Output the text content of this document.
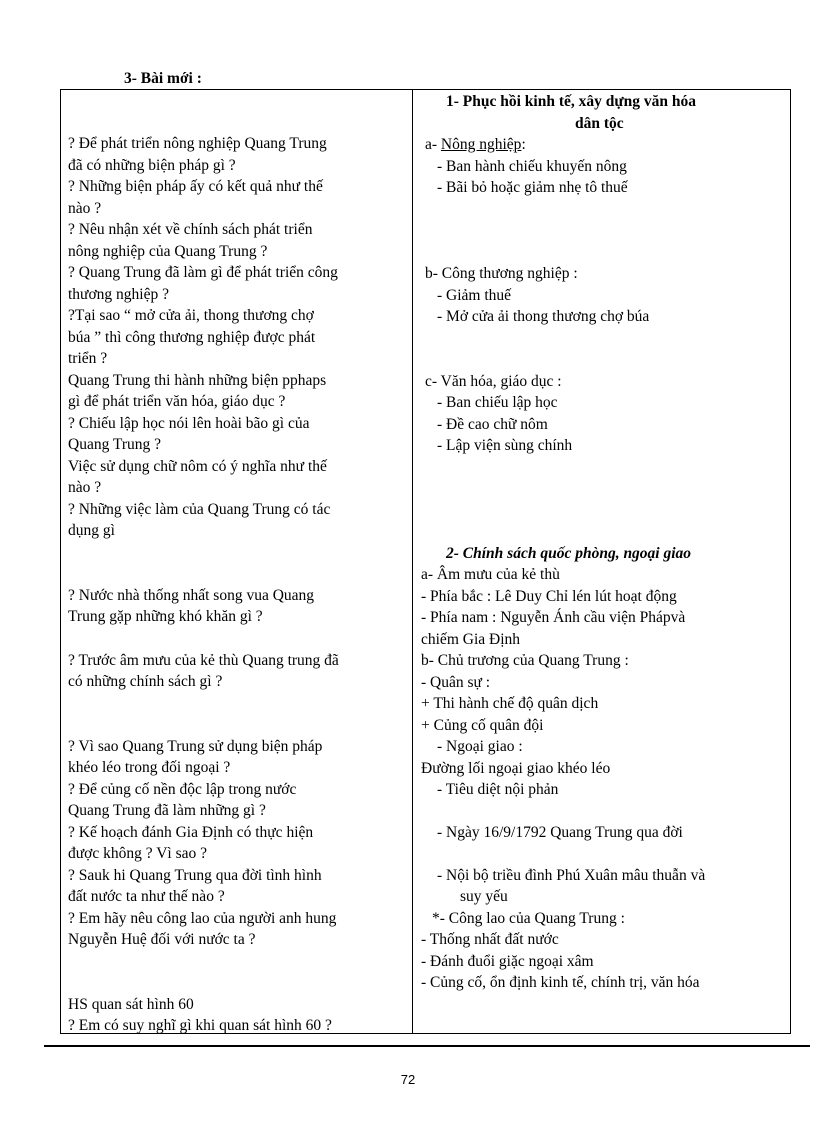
3- Bài mới :
? Để phát triển nông nghiệp Quang Trung
đã có những biện pháp gì ?
? Những biện pháp ấy có kết quả như thế
nào ?
? Nêu nhận xét về chính sách phát triển
nông nghiệp của Quang Trung ?
? Quang Trung đã làm gì để phát triển công
thương nghiệp ?
?Tại sao “ mở cửa ải, thong thương chợ
búa ” thì công thương nghiệp được phát
triển ?
Quang Trung thi hành những biện pphaps
gì để phát triển văn hóa, giáo dục ?
? Chiếu lập học nói lên hoài bão gì của
Quang Trung ?
Việc sử dụng chữ nôm có ý nghĩa như thế
nào ?
? Những việc làm của Quang Trung có tác
dụng gì
? Nước nhà thống nhất song vua Quang
Trung gặp những khó khăn gì ?
? Trước âm mưu của kẻ thù Quang trung đã
có những chính sách gì ?
? Vì sao Quang Trung sử dụng biện pháp
khéo léo trong đối ngoại ?
? Để củng cố nền độc lập trong nước
Quang Trung đã làm những gì ?
? Kế hoạch đánh Gia Định có thực hiện
được không ? Vì sao ?
? Sauk hi Quang Trung qua đời tình hình
đất nước ta như thế nào ?
? Em hãy nêu công lao của người anh hung
Nguyễn Huệ đối với nước ta ?
HS quan sát hình 60
? Em có suy nghĩ gì khi quan sát hình 60 ?
1- Phục hồi kinh tế, xây dựng văn hóa
dân tộc
a- Nông nghiệp:
- Ban hành chiếu khuyến nông
- Bãi bỏ hoặc giảm nhẹ tô thuế
b- Công thương nghiệp :
- Giảm thuế
- Mở cửa ải thong thương chợ búa
c- Văn hóa, giáo dục :
- Ban chiếu lập học
- Đề cao chữ nôm
- Lập viện sùng chính
2- Chính sách quốc phòng, ngoại giao
a- Âm mưu của kẻ thù
- Phía bắc : Lê Duy Chỉ lén lút hoạt động
- Phía nam : Nguyễn Ánh cầu viện Phápvà
chiếm Gia Định
b- Chủ trương của Quang Trung :
- Quân sự :
+ Thi hành chế độ quân dịch
+ Củng cố quân đội
- Ngoại giao :
Đường lối ngoại giao khéo léo
- Tiêu diệt nội phản
- Ngày 16/9/1792 Quang Trung qua đời
- Nội bộ triều đình Phú Xuân mâu thuẫn và
suy yếu
*- Công lao của Quang Trung :
- Thống nhất đất nước
- Đánh đuổi giặc ngoại xâm
- Củng cố, ổn định kinh tế, chính trị, văn hóa
72
